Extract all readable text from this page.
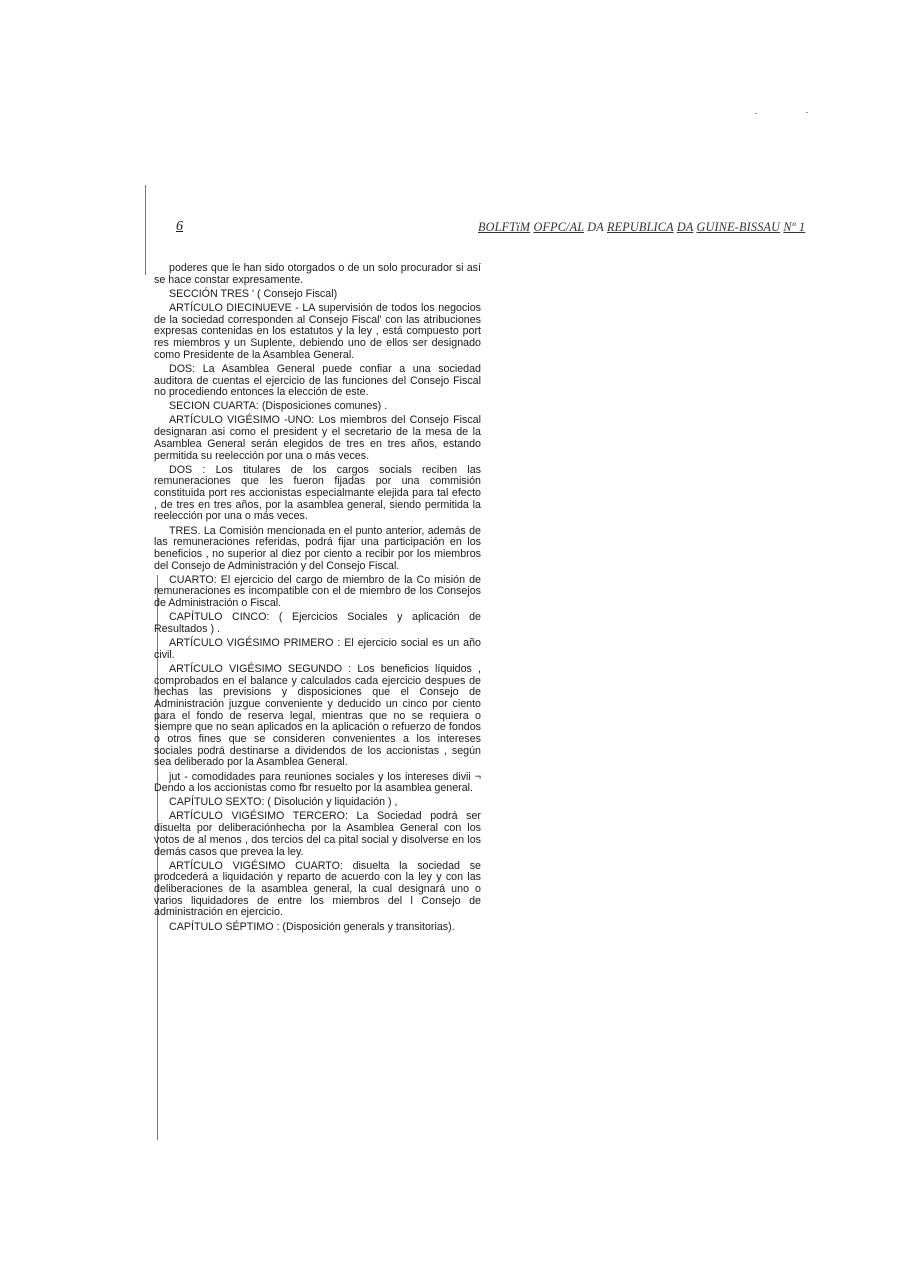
6	BOLFTïM OFPC/AL DA REPUBLICA DA GUINE-BISSAU Nº 1

poderes que le han sido otorgados o de un solo procurador si así se hace constar expresamente.

SECCIÓN TRES ' ( Consejo Fiscal)

ARTÍCULO DIECINUEVE - LA supervisión de todos los negocios de la sociedad corresponden al Consejo Fiscal' con las atribuciones expresas contenidas en los estatutos y la ley , está compuesto port res miembros y un Suplente, debiendo uno de ellos ser designado como Presidente de la Asamblea General.

DOS: La Asamblea General puede confiar a una sociedad auditora de cuentas el ejercicio de las funciones del Consejo Fiscal no procediendo entonces la elección de este.

SECION CUARTA: (Disposiciones comunes) .

ARTÍCULO VIGÉSIMO -UNO: Los miembros del Consejo Fiscal designaran asi como el president y el secretario de la mesa de la Asamblea General serán elegidos de tres en tres años, estando permitida su reelección por una o más veces.

DOS : Los titulares de los cargos socials reciben las remuneraciones que les fueron fijadas por una commisión constituida port res accionistas especialmante elejida para tal efecto , de tres en tres años, por la asamblea general, siendo permitida la reelección por una o más veces.

TRES. La Comisión mencionada en el punto anterior, además de las remuneraciones referidas, podrá fijar una participación en los beneficios , no superior al diez por ciento a recibir por los miembros del Consejo de Administración y del Consejo Fiscal.

CUARTO: El ejercicio del cargo de miembro de la Co misión de remuneraciones es incompatible con el de miembro de los Consejos de Administración o Fiscal.

CAPÍTULO CINCO: ( Ejercicios Sociales y aplicación de Resultados ) .

ARTÍCULO VIGÉSIMO PRIMERO : El ejercicio social es un año civil.

ARTÍCULO VIGÉSIMO SEGUNDO : Los beneficios líquidos , comprobados en el balance y calculados cada ejercicio despues de hechas las previsions y disposiciones que el Consejo de Administración juzgue conveniente y deducido un cinco por ciento para el fondo de reserva legal, mientras que no se requiera o siempre que no sean aplicados en la aplicación o refuerzo de fondos o otros fines que se consideren convenientes a los intereses sociales podrá destinarse a dividendos de los accionistas , según sea deliberado por la Asamblea General.

jut - comodidades para reuniones sociales y los intereses divii ¬ Dendo a los accionistas como fbr resuelto por la asamblea general.

CAPÍTULO SEXTO: ( Disolución y liquidación ) ,

ARTÍCULO VIGÉSIMO TERCERO: La Sociedad podrá ser disuelta por deliberaciónhecha por la Asamblea General con los votos de al menos , dos tercios del ca pital social y disolverse en los demás casos que prevea la ley.

ARTÍCULO VIGÉSIMO CUARTO: disuelta la sociedad se prodcederá a liquidación y reparto de acuerdo con la ley y con las deliberaciones de la asamblea general, la cual designará uno o varios liquidadores de entre los miembros del l Consejo de administración en ejercicio.

CAPÍTULO SÉPTIMO : (Disposición generals y transitorias).
